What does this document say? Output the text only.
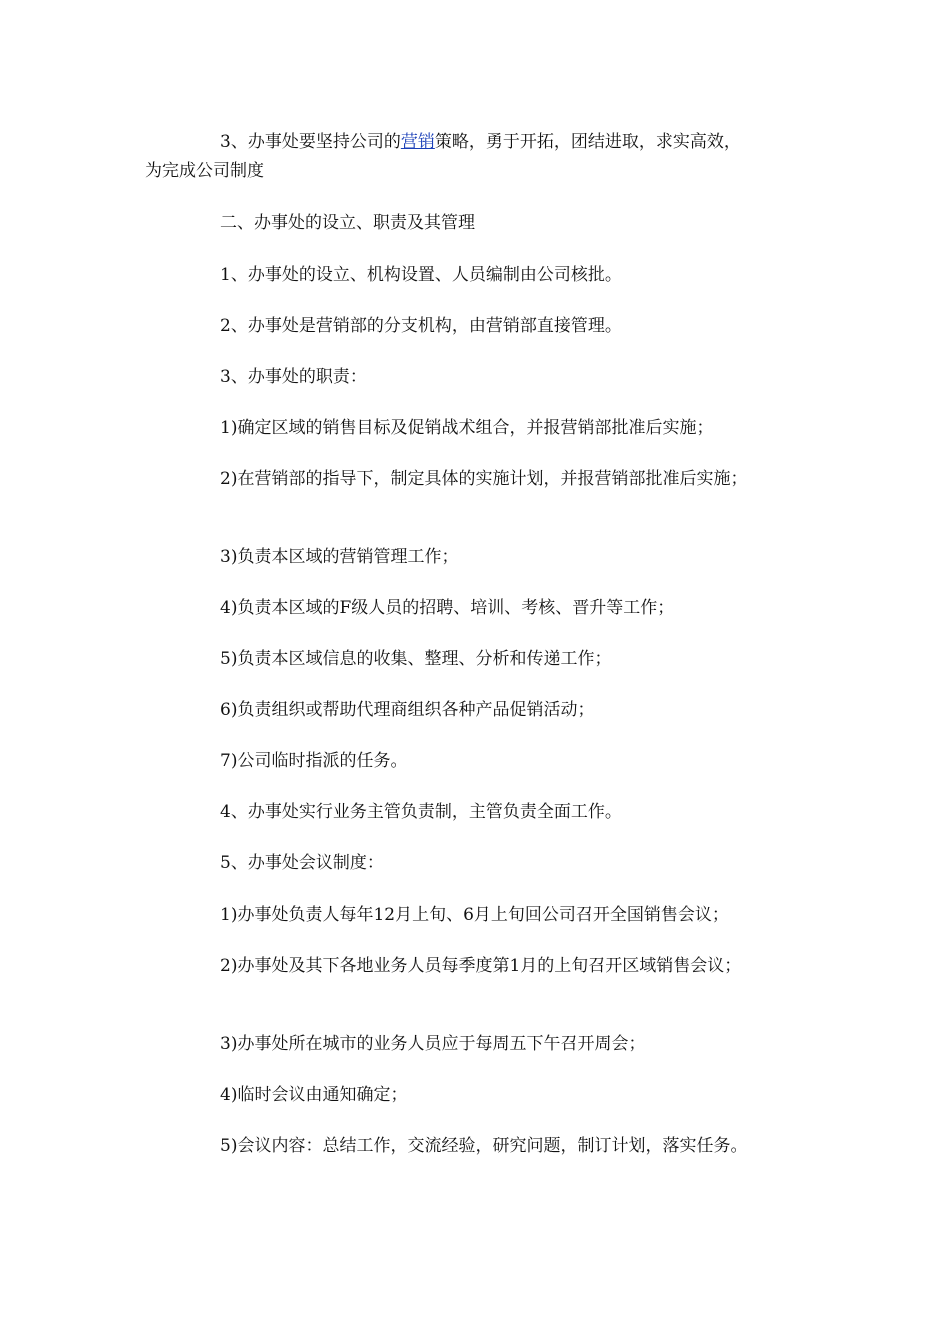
3、办事处要坚持公司的营销策略，勇于开拓，团结进取，求实高效，
为完成公司制度
二、办事处的设立、职责及其管理
1、办事处的设立、机构设置、人员编制由公司核批。
2、办事处是营销部的分支机构，由营销部直接管理。
3、办事处的职责：
1)确定区域的销售目标及促销战术组合，并报营销部批准后实施；
2)在营销部的指导下，制定具体的实施计划，并报营销部批准后实施；
3)负责本区域的营销管理工作；
4)负责本区域的F级人员的招聘、培训、考核、晋升等工作；
5)负责本区域信息的收集、整理、分析和传递工作；
6)负责组织或帮助代理商组织各种产品促销活动；
7)公司临时指派的任务。
4、办事处实行业务主管负责制，主管负责全面工作。
5、办事处会议制度：
1)办事处负责人每年12月上旬、6月上旬回公司召开全国销售会议；
2)办事处及其下各地业务人员每季度第1月的上旬召开区域销售会议；
3)办事处所在城市的业务人员应于每周五下午召开周会；
4)临时会议由通知确定；
5)会议内容：总结工作，交流经验，研究问题，制订计划，落实任务。
